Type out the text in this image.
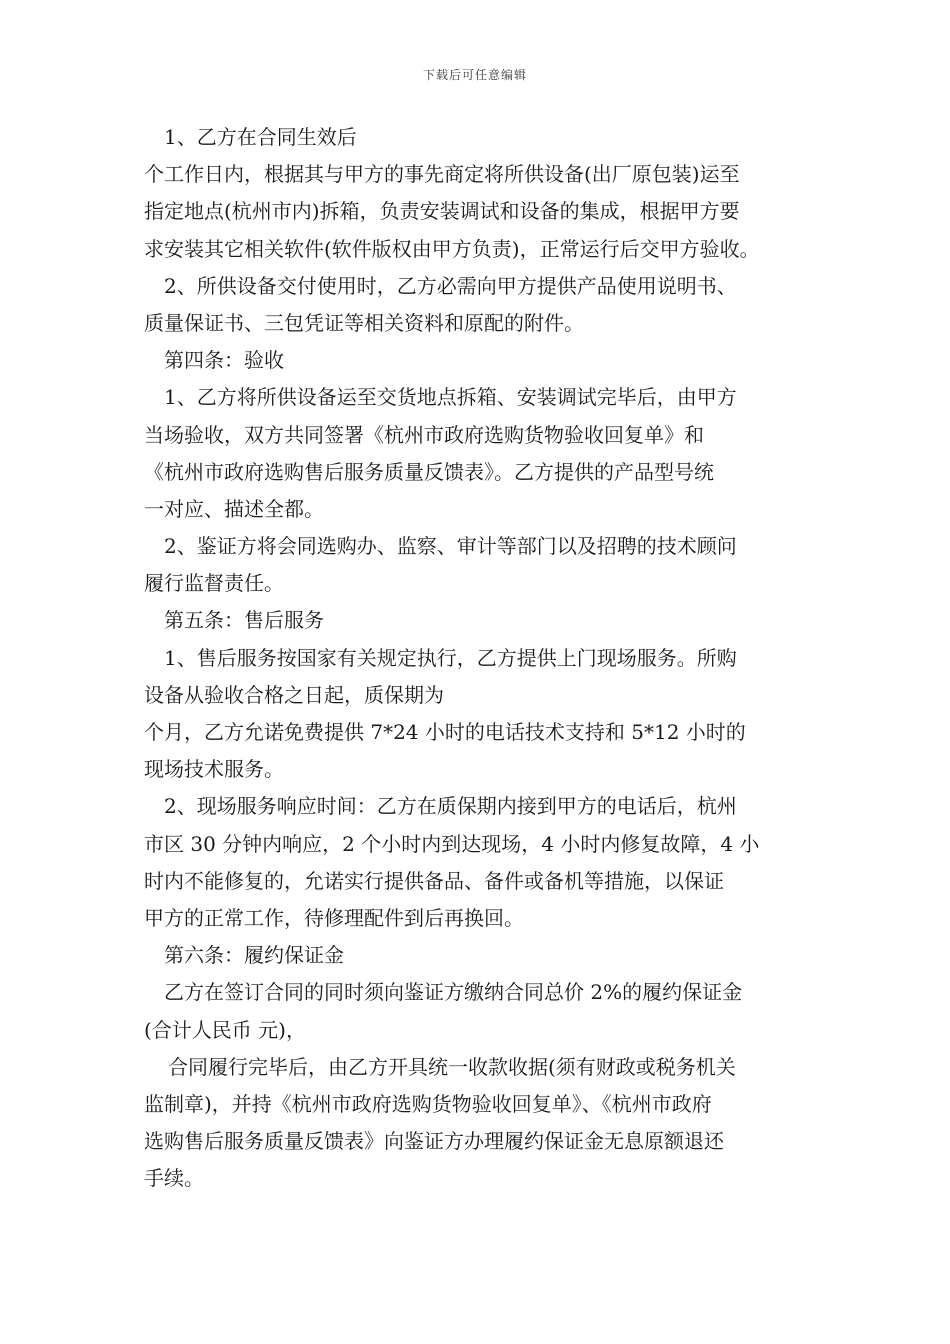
下载后可任意编辑
1、乙方在合同生效后
个工作日内，根据其与甲方的事先商定将所供设备(出厂原包装)运至
指定地点(杭州市内)拆箱，负责安装调试和设备的集成，根据甲方要
求安装其它相关软件(软件版权由甲方负责)，正常运行后交甲方验收。
2、所供设备交付使用时，乙方必需向甲方提供产品使用说明书、
质量保证书、三包凭证等相关资料和原配的附件。
第四条：验收
1、乙方将所供设备运至交货地点拆箱、安装调试完毕后，由甲方
当场验收，双方共同签署《杭州市政府选购货物验收回复单》和
《杭州市政府选购售后服务质量反馈表》。乙方提供的产品型号统
一对应、描述全都。
2、鉴证方将会同选购办、监察、审计等部门以及招聘的技术顾问
履行监督责任。
第五条：售后服务
1、售后服务按国家有关规定执行，乙方提供上门现场服务。所购
设备从验收合格之日起，质保期为
个月，乙方允诺免费提供 7*24 小时的电话技术支持和 5*12 小时的
现场技术服务。
2、现场服务响应时间：乙方在质保期内接到甲方的电话后，杭州
市区 30 分钟内响应，2 个小时内到达现场，4 小时内修复故障，4 小
时内不能修复的，允诺实行提供备品、备件或备机等措施，以保证
甲方的正常工作，待修理配件到后再换回。
第六条：履约保证金
乙方在签订合同的同时须向鉴证方缴纳合同总价 2%的履约保证金
(合计人民币 元)，
合同履行完毕后，由乙方开具统一收款收据(须有财政或税务机关
监制章)，并持《杭州市政府选购货物验收回复单》、《杭州市政府
选购售后服务质量反馈表》向鉴证方办理履约保证金无息原额退还
手续。
